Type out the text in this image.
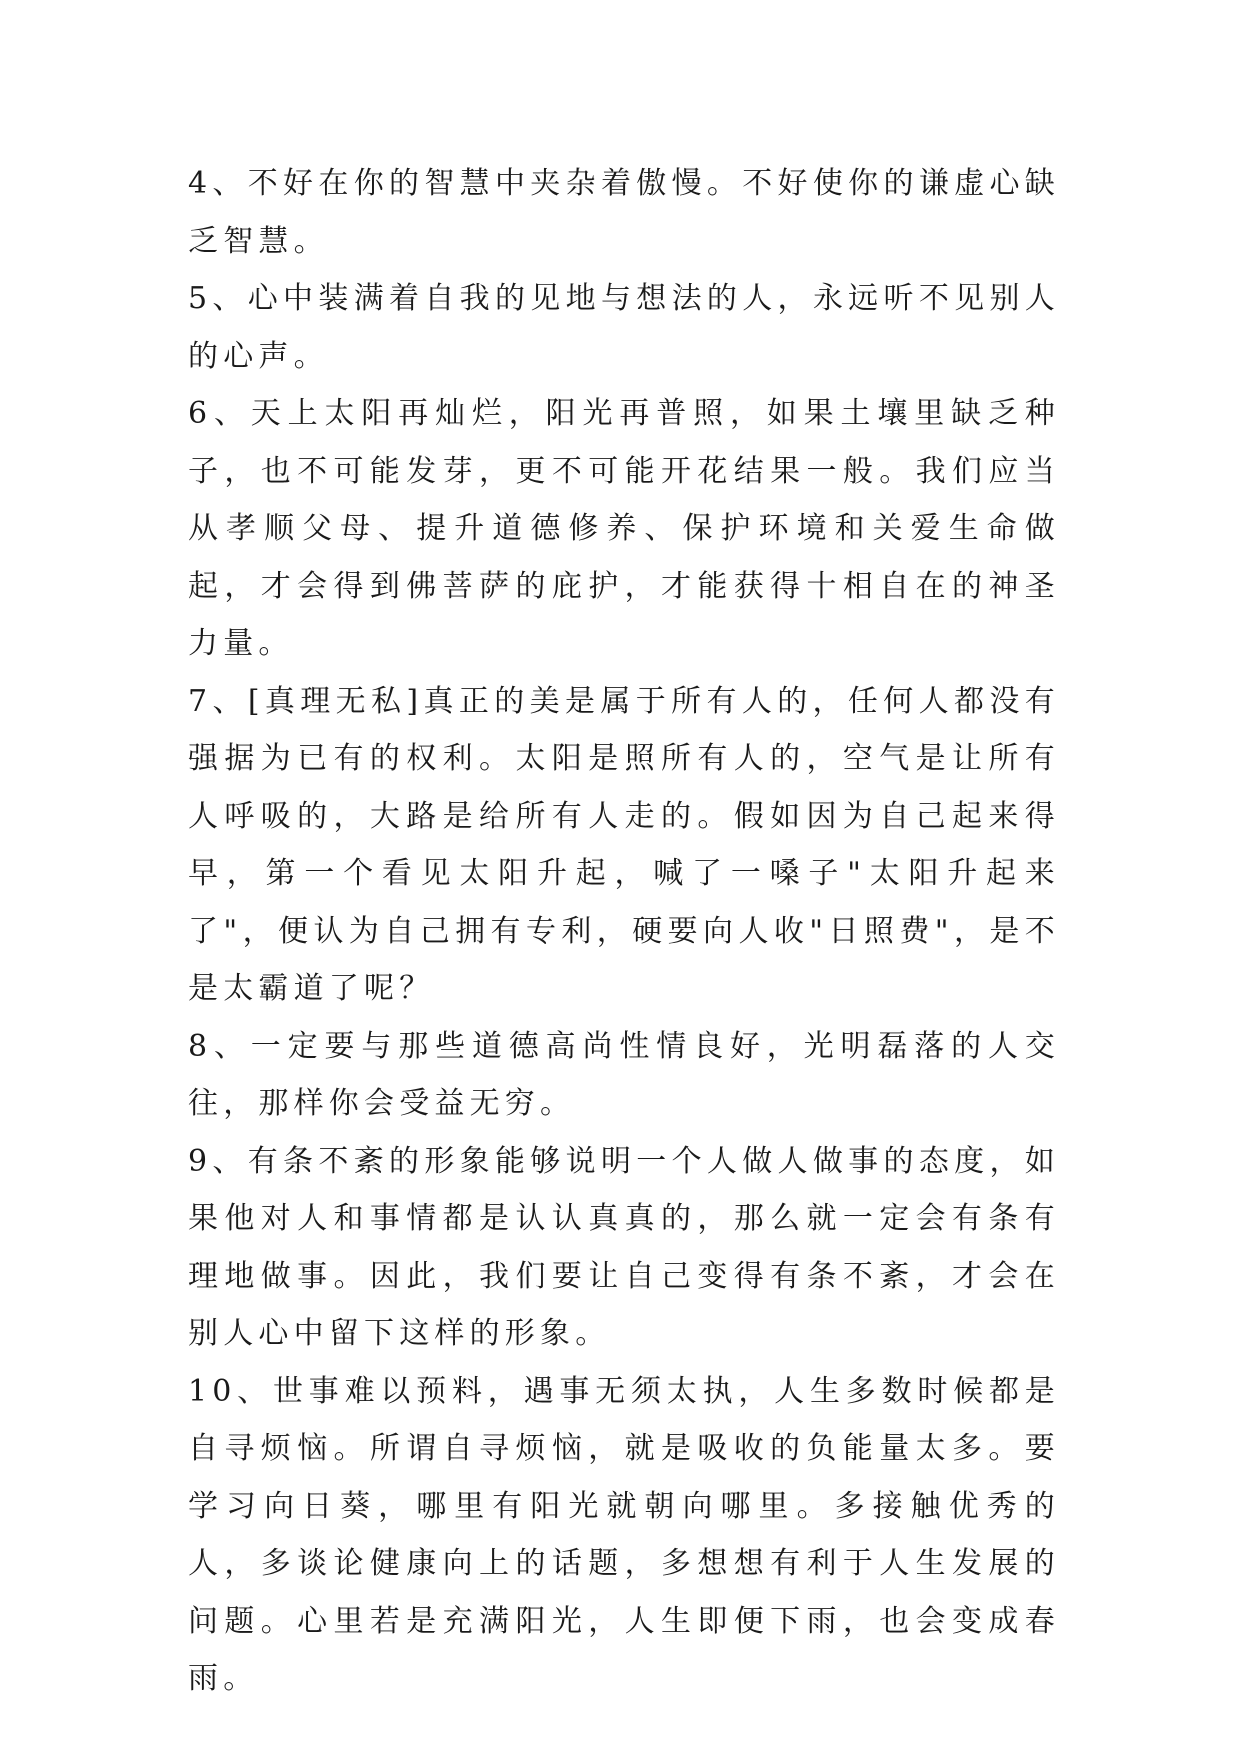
4、不好在你的智慧中夹杂着傲慢。不好使你的谦虚心缺乏智慧。

5、心中装满着自我的见地与想法的人，永远听不见别人的心声。

6、天上太阳再灿烂，阳光再普照，如果土壤里缺乏种子，也不可能发芽，更不可能开花结果一般。我们应当从孝顺父母、提升道德修养、保护环境和关爱生命做起，才会得到佛菩萨的庇护，才能获得十相自在的神圣力量。

7、[真理无私]真正的美是属于所有人的，任何人都没有强据为已有的权利。太阳是照所有人的，空气是让所有人呼吸的，大路是给所有人走的。假如因为自己起来得早，第一个看见太阳升起，喊了一嗓子"太阳升起来了"，便认为自己拥有专利，硬要向人收"日照费"，是不是太霸道了呢？

8、一定要与那些道德高尚性情良好，光明磊落的人交往，那样你会受益无穷。

9、有条不紊的形象能够说明一个人做人做事的态度，如果他对人和事情都是认认真真的，那么就一定会有条有理地做事。因此，我们要让自己变得有条不紊，才会在别人心中留下这样的形象。

10、世事难以预料，遇事无须太执，人生多数时候都是自寻烦恼。所谓自寻烦恼，就是吸收的负能量太多。要学习向日葵，哪里有阳光就朝向哪里。多接触优秀的人，多谈论健康向上的话题，多想想有利于人生发展的问题。心里若是充满阳光，人生即便下雨，也会变成春雨。
